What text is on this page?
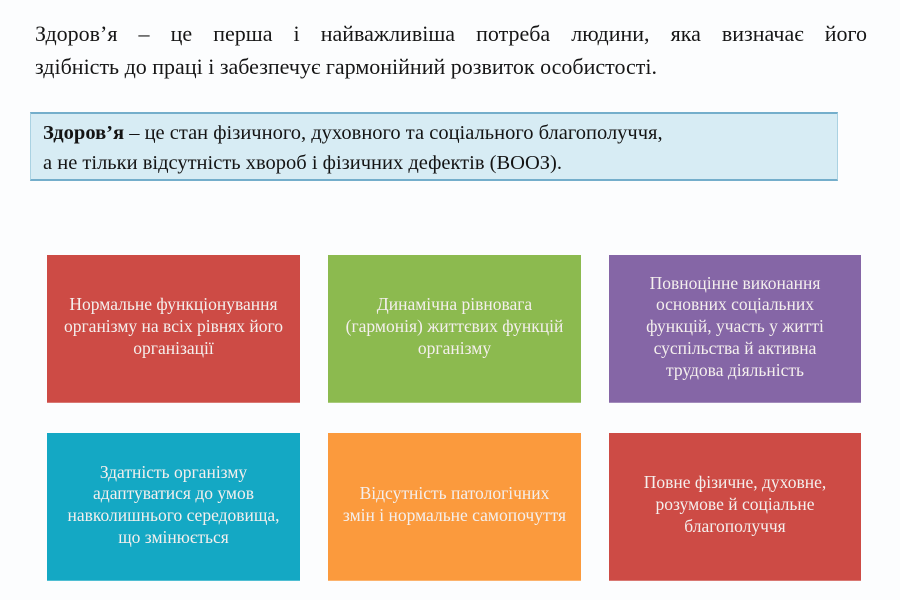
Здоров’я – це перша і найважливіша потреба людини, яка визначає його
здібність до праці і забезпечує гармонійний розвиток особистості.
Здоров’я – це стан фізичного, духовного та соціального благополуччя,
а не тільки відсутність хвороб і фізичних дефектів (ВООЗ).
Нормальне функціонування організму на всіх рівнях його організації
Динамічна рівновага (гармонія) життєвих функцій організму
Повноцінне виконання основних соціальних функцій, участь у житті суспільства й активна трудова діяльність
Здатність організму адаптуватися до умов навколишнього середовища, що змінюється
Відсутність патологічних змін і нормальне самопочуття
Повне фізичне, духовне, розумове й соціальне благополуччя
